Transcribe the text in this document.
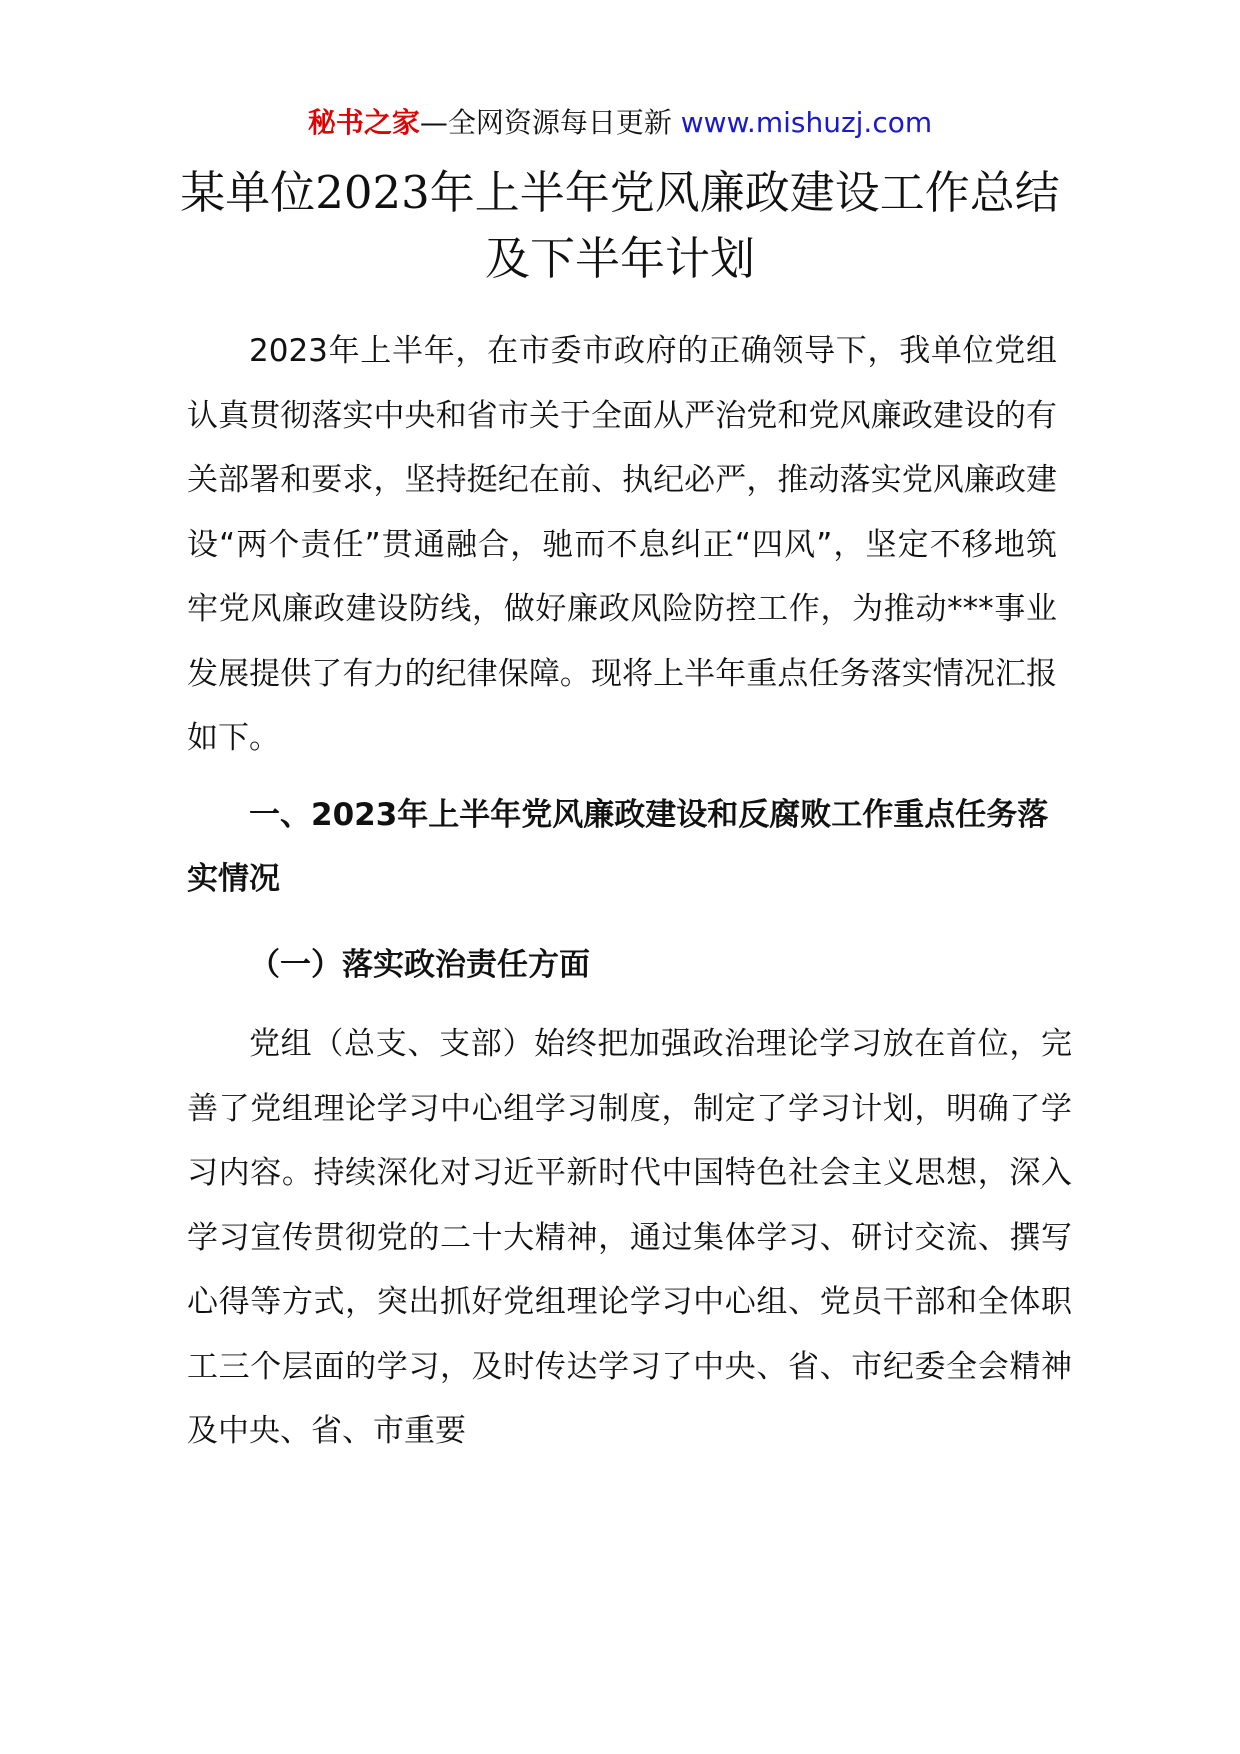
秘书之家—全网资源每日更新 www.mishuzj.com
某单位2023年上半年党风廉政建设工作总结及下半年计划

2023年上半年，在市委市政府的正确领导下，我单位党组认真贯彻落实中央和省市关于全面从严治党和党风廉政建设的有关部署和要求，坚持挺纪在前、执纪必严，推动落实党风廉政建设“两个责任”贯通融合，驰而不息纠正“四风”，坚定不移地筑牢党风廉政建设防线，做好廉政风险防控工作，为推动***事业发展提供了有力的纪律保障。现将上半年重点任务落实情况汇报如下。

一、2023年上半年党风廉政建设和反腐败工作重点任务落实情况

（一）落实政治责任方面

党组（总支、支部）始终把加强政治理论学习放在首位，完善了党组理论学习中心组学习制度，制定了学习计划，明确了学习内容。持续深化对习近平新时代中国特色社会主义思想，深入学习宣传贯彻党的二十大精神，通过集体学习、研讨交流、撰写心得等方式，突出抓好党组理论学习中心组、党员干部和全体职工三个层面的学习，及时传达学习了中央、省、市纪委全会精神及中央、省、市重要
